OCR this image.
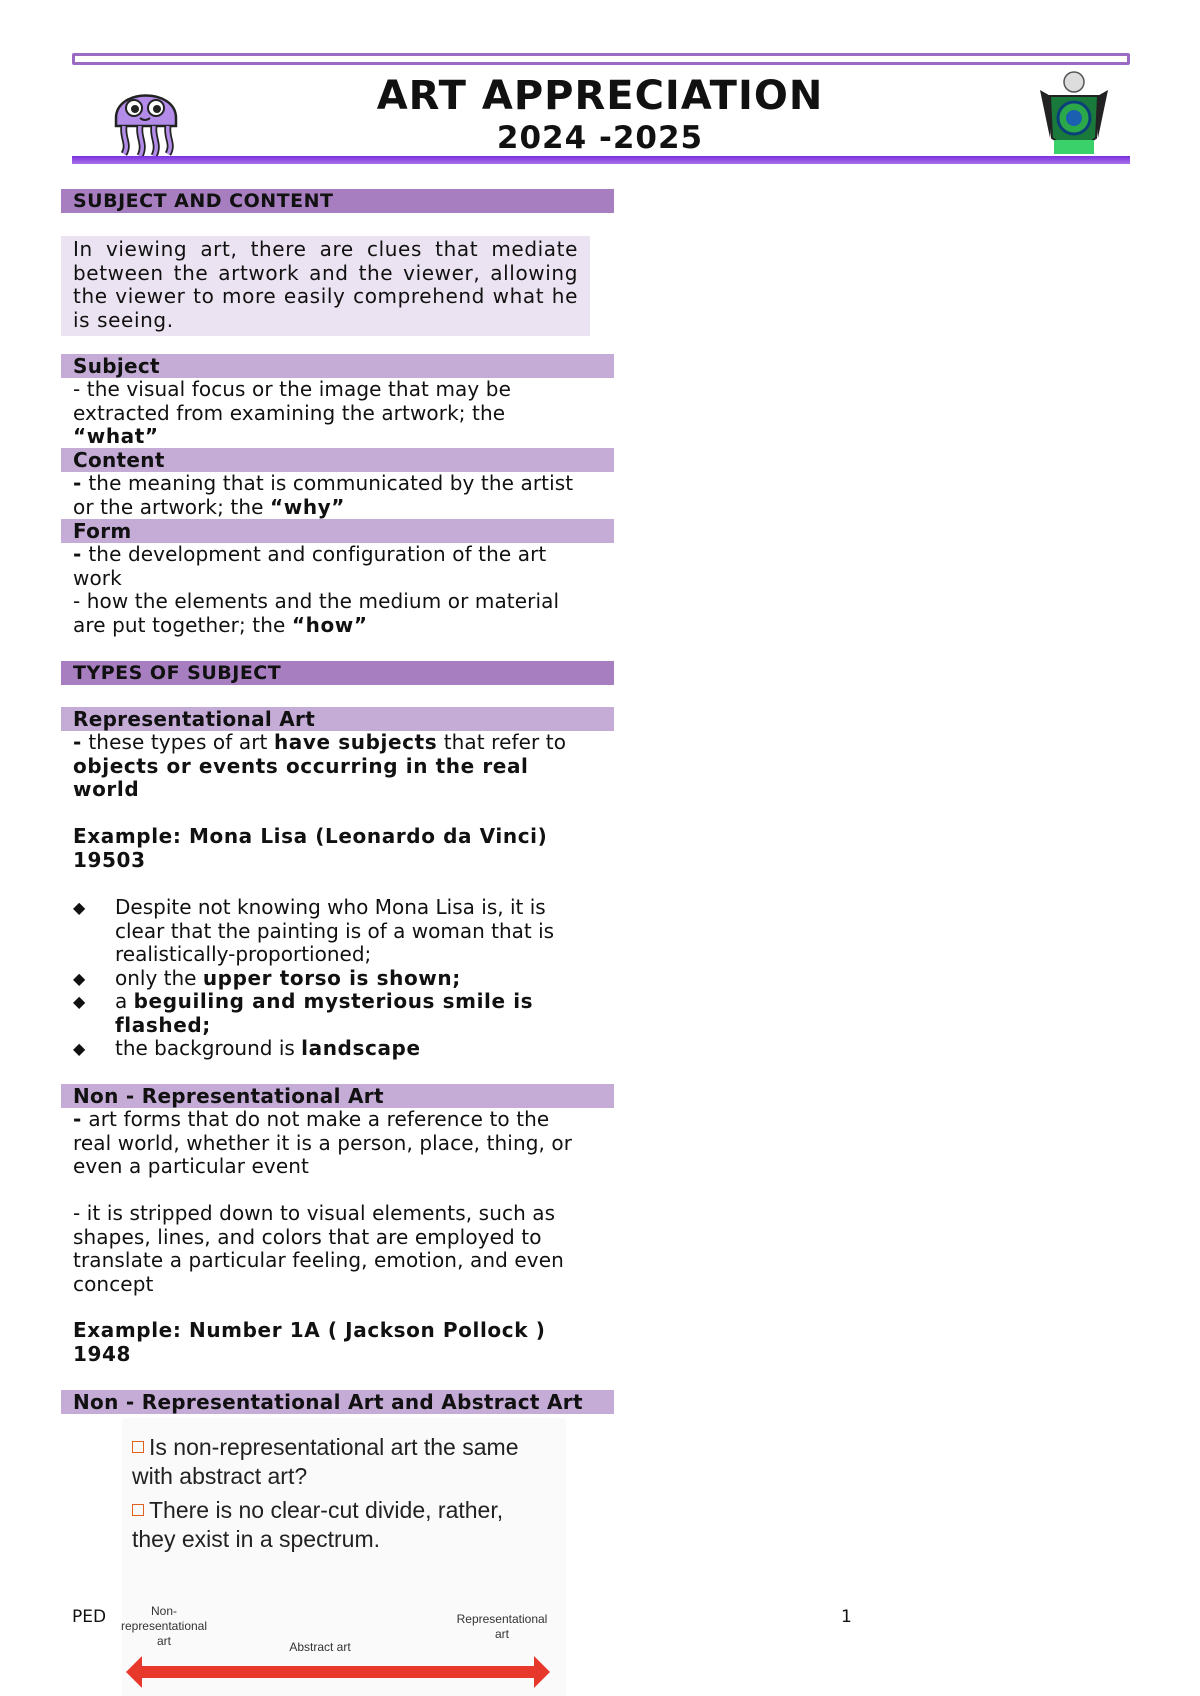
ART APPRECIATION
2024 -2025
SUBJECT AND CONTENT
In viewing art, there are clues that mediate between the artwork and the viewer, allowing the viewer to more easily comprehend what he is seeing.
Subject
- the visual focus or the image that may be extracted from examining the artwork; the “what”
Content
- the meaning that is communicated by the artist or the artwork; the “why”
Form
- the development and configuration of the art work
- how the elements and the medium or material are put together; the “how”
TYPES OF SUBJECT
Representational Art
- these types of art have subjects that refer to objects or events occurring in the real world
Example: Mona Lisa (Leonardo da Vinci) 19503
◆	Despite not knowing who Mona Lisa is, it is clear that the painting is of a woman that is realistically-proportioned;
◆	only the upper torso is shown;
◆	a beguiling and mysterious smile is flashed;
◆	the background is landscape
Non - Representational Art
- art forms that do not make a reference to the real world, whether it is a person, place, thing, or even a particular event
- it is stripped down to visual elements, such as shapes, lines, and colors that are employed to translate a particular feeling, emotion, and even concept
Example: Number 1A ( Jackson Pollock ) 1948
Non - Representational Art and Abstract Art
Is non-representational art the same with abstract art?
There is no clear-cut divide, rather, they exist in a spectrum.
Non-representational art	Abstract art
Representational art
PED	1
